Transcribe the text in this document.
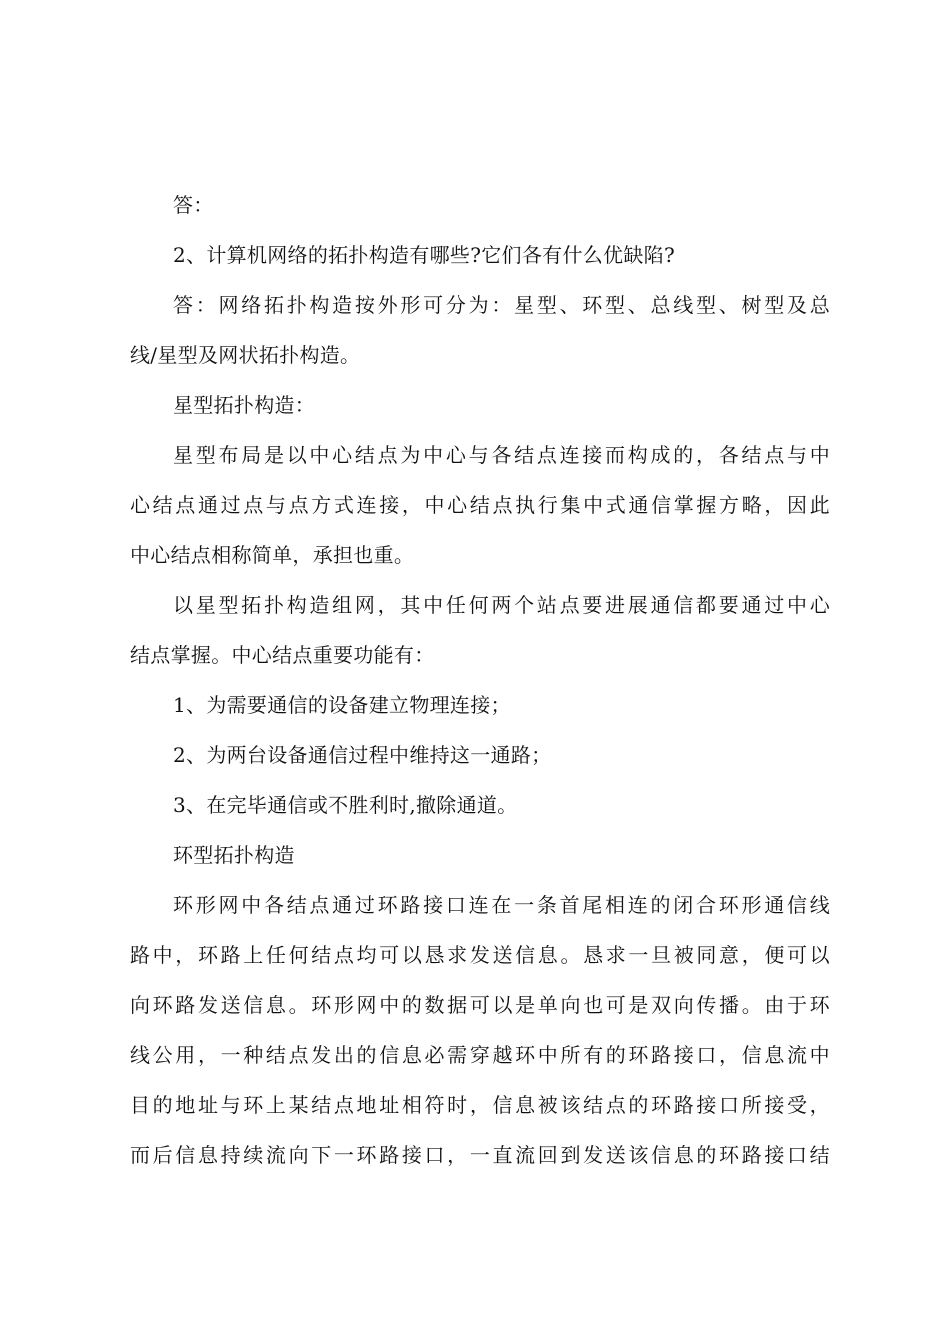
答：
2、计算机网络的拓扑构造有哪些?它们各有什么优缺陷?
答：网络拓扑构造按外形可分为：星型、环型、总线型、树型及总
线/星型及网状拓扑构造。
星型拓扑构造：
星型布局是以中心结点为中心与各结点连接而构成的，各结点与中
心结点通过点与点方式连接，中心结点执行集中式通信掌握方略，因此
中心结点相称简单，承担也重。
以星型拓扑构造组网，其中任何两个站点要进展通信都要通过中心
结点掌握。中心结点重要功能有：
1、为需要通信的设备建立物理连接；
2、为两台设备通信过程中维持这一通路；
3、在完毕通信或不胜利时,撤除通道。
环型拓扑构造
环形网中各结点通过环路接口连在一条首尾相连的闭合环形通信线
路中，环路上任何结点均可以恳求发送信息。恳求一旦被同意，便可以
向环路发送信息。环形网中的数据可以是单向也可是双向传播。由于环
线公用，一种结点发出的信息必需穿越环中所有的环路接口，信息流中
目的地址与环上某结点地址相符时，信息被该结点的环路接口所接受，
而后信息持续流向下一环路接口，一直流回到发送该信息的环路接口结
